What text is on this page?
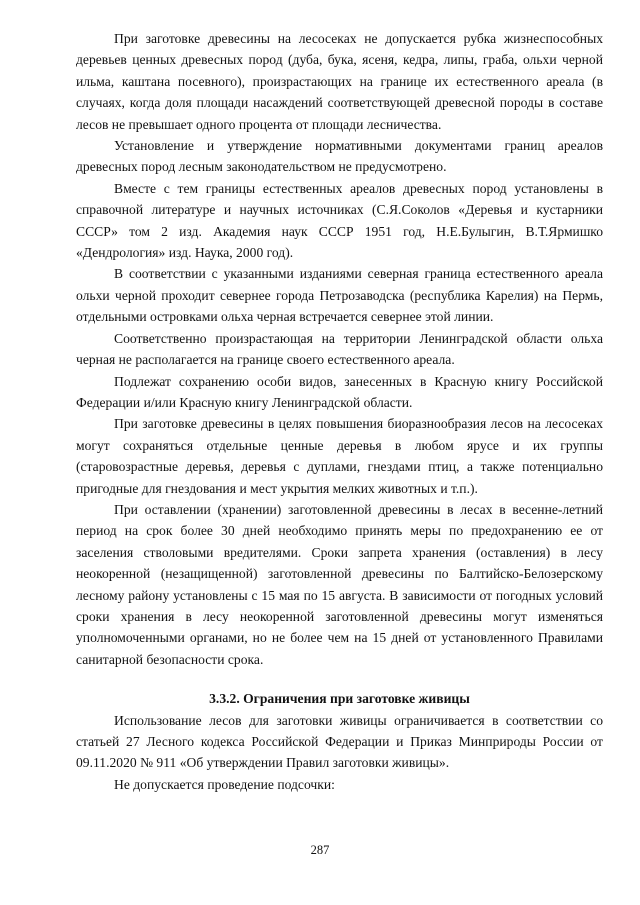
При заготовке древесины на лесосеках не допускается рубка жизнеспособных деревьев ценных древесных пород (дуба, бука, ясеня, кедра, липы, граба, ольхи черной ильма, каштана посевного), произрастающих на границе их естественного ареала (в случаях, когда доля площади насаждений соответствующей древесной породы в составе лесов не превышает одного процента от площади лесничества.

Установление и утверждение нормативными документами границ ареалов древесных пород лесным законодательством не предусмотрено.

Вместе с тем границы естественных ареалов древесных пород установлены в справочной литературе и научных источниках (С.Я.Соколов «Деревья и кустарники СССР» том 2 изд. Академия наук СССР 1951 год, Н.Е.Булыгин, В.Т.Ярмишко «Дендрология» изд. Наука, 2000 год).

В соответствии с указанными изданиями северная граница естественного ареала ольхи черной проходит севернее города Петрозаводска (республика Карелия) на Пермь, отдельными островками ольха черная встречается севернее этой линии.

Соответственно произрастающая на территории Ленинградской области ольха черная не располагается на границе своего естественного ареала.

Подлежат сохранению особи видов, занесенных в Красную книгу Российской Федерации и/или Красную книгу Ленинградской области.

При заготовке древесины в целях повышения биоразнообразия лесов на лесосеках могут сохраняться отдельные ценные деревья в любом ярусе и их группы (старовозрастные деревья, деревья с дуплами, гнездами птиц, а также потенциально пригодные для гнездования и мест укрытия мелких животных и т.п.).

При оставлении (хранении) заготовленной древесины в лесах в весенне-летний период на срок более 30 дней необходимо принять меры по предохранению ее от заселения стволовыми вредителями. Сроки запрета хранения (оставления) в лесу неокоренной (незащищенной) заготовленной древесины по Балтийско-Белозерскому лесному району установлены с 15 мая по 15 августа. В зависимости от погодных условий сроки хранения в лесу неокоренной заготовленной древесины могут изменяться уполномоченными органами, но не более чем на 15 дней от установленного Правилами санитарной безопасности срока.

3.3.2. Ограничения при заготовке живицы

Использование лесов для заготовки живицы ограничивается в соответствии со статьей 27 Лесного кодекса Российской Федерации и Приказ Минприроды России от 09.11.2020 № 911 «Об утверждении Правил заготовки живицы».

Не допускается проведение подсочки:

287
